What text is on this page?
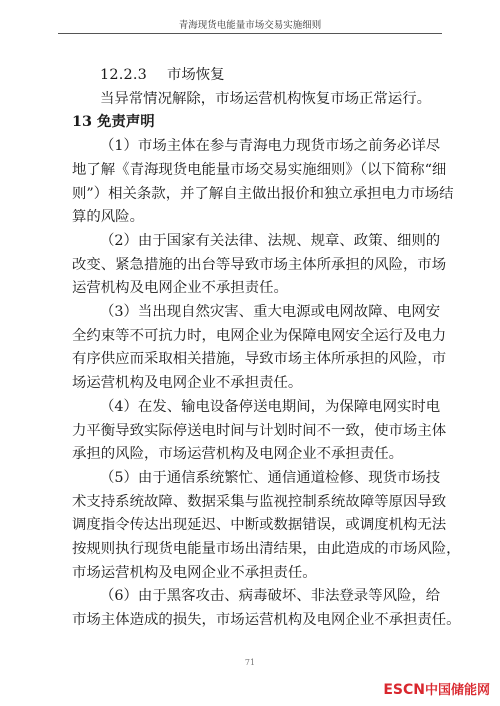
青海现货电能量市场交易实施细则
12.2.3 市场恢复
当异常情况解除，市场运营机构恢复市场正常运行。
13 免责声明
（1）市场主体在参与青海电力现货市场之前务必详尽
地了解《青海现货电能量市场交易实施细则》（以下简称“细
则”）相关条款，并了解自主做出报价和独立承担电力市场结
算的风险。
（2）由于国家有关法律、法规、规章、政策、细则的
改变、紧急措施的出台等导致市场主体所承担的风险，市场
运营机构及电网企业不承担责任。
（3）当出现自然灾害、重大电源或电网故障、电网安
全约束等不可抗力时，电网企业为保障电网安全运行及电力
有序供应而采取相关措施，导致市场主体所承担的风险，市
场运营机构及电网企业不承担责任。
（4）在发、输电设备停送电期间，为保障电网实时电
力平衡导致实际停送电时间与计划时间不一致，使市场主体
承担的风险，市场运营机构及电网企业不承担责任。
（5）由于通信系统繁忙、通信通道检修、现货市场技
术支持系统故障、数据采集与监视控制系统故障等原因导致
调度指令传达出现延迟、中断或数据错误，或调度机构无法
按规则执行现货电能量市场出清结果，由此造成的市场风险，
市场运营机构及电网企业不承担责任。
（6）由于黑客攻击、病毒破坏、非法登录等风险，给
市场主体造成的损失，市场运营机构及电网企业不承担责任。
71
ESCN中国储能网
